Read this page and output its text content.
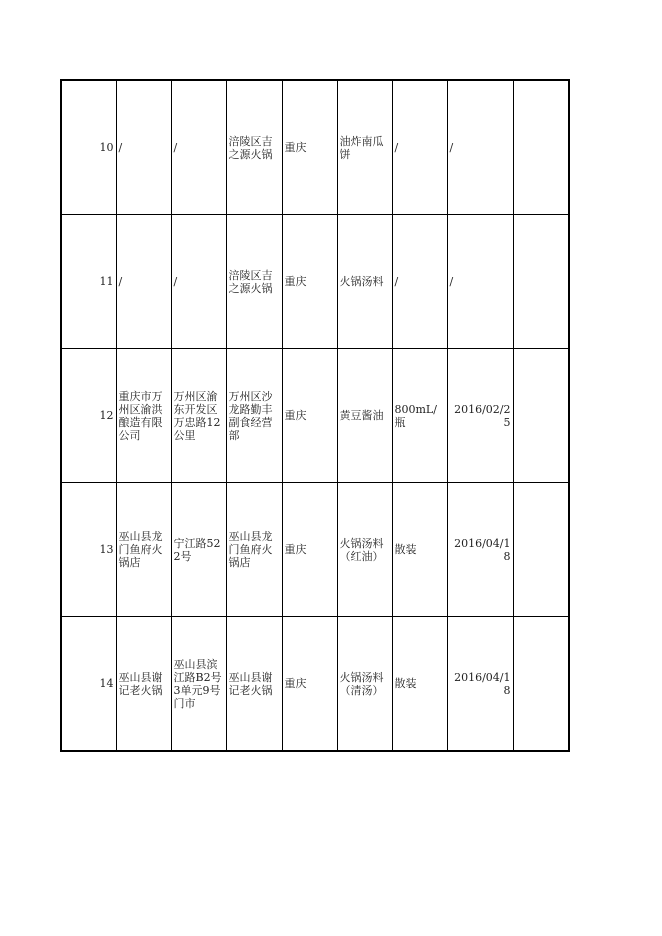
10	/	/	涪陵区吉之源火锅	重庆	油炸南瓜饼	/	/	
11	/	/	涪陵区吉之源火锅	重庆	火锅汤料	/	/	
12	重庆市万州区渝洪酿造有限公司	万州区渝东开发区万忠路12公里	万州区沙龙路勤丰副食经营部	重庆	黄豆酱油	800mL/瓶	2016/02/25	
13	巫山县龙门鱼府火锅店	宁江路522号	巫山县龙门鱼府火锅店	重庆	火锅汤料（红油）	散装	2016/04/18	
14	巫山县谢记老火锅	巫山县滨江路B2号3单元9号门市	巫山县谢记老火锅	重庆	火锅汤料（清汤）	散装	2016/04/18	
